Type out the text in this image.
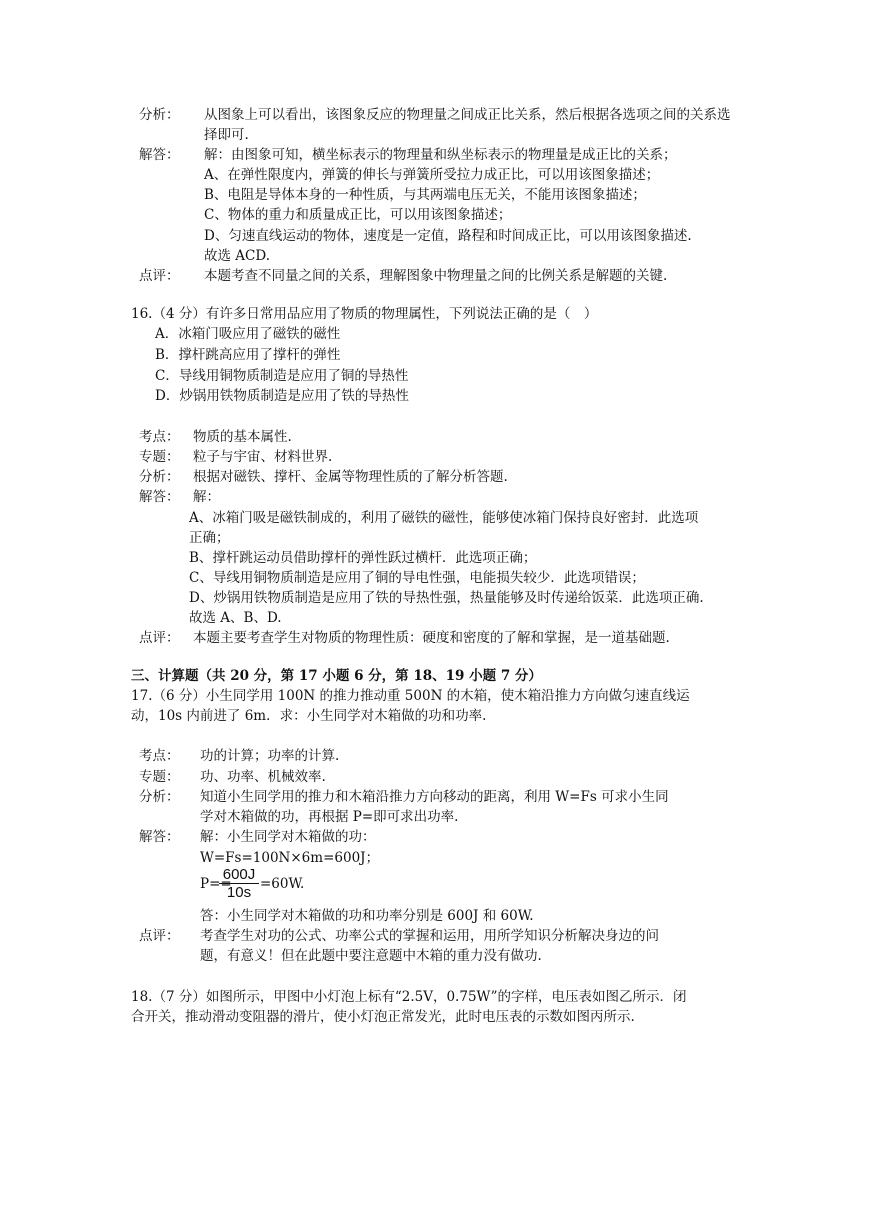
分析： 从图象上可以看出，该图象反应的物理量之间成正比关系，然后根据各选项之间的关系选
择即可.
解答： 解：由图象可知，横坐标表示的物理量和纵坐标表示的物理量是成正比的关系；
A、在弹性限度内，弹簧的伸长与弹簧所受拉力成正比，可以用该图象描述；
B、电阻是导体本身的一种性质，与其两端电压无关，不能用该图象描述；
C、物体的重力和质量成正比，可以用该图象描述；
D、匀速直线运动的物体，速度是一定值，路程和时间成正比，可以用该图象描述.
故选 ACD.
点评： 本题考查不同量之间的关系，理解图象中物理量之间的比例关系是解题的关键.
16.（4 分）有许多日常用品应用了物质的物理属性，下列说法正确的是（　）
A．冰箱门吸应用了磁铁的磁性
B．撑杆跳高应用了撑杆的弹性
C．导线用铜物质制造是应用了铜的导热性
D．炒锅用铁物质制造是应用了铁的导热性
考点： 物质的基本属性.
专题： 粒子与宇宙、材料世界.
分析： 根据对磁铁、撑杆、金属等物理性质的了解分析答题.
解答： 解：
A、冰箱门吸是磁铁制成的，利用了磁铁的磁性，能够使冰箱门保持良好密封．此选项
正确；
B、撑杆跳运动员借助撑杆的弹性跃过横杆．此选项正确；
C、导线用铜物质制造是应用了铜的导电性强，电能损失较少．此选项错误；
D、炒锅用铁物质制造是应用了铁的导热性强，热量能够及时传递给饭菜．此选项正确.
故选 A、B、D.
点评： 本题主要考查学生对物质的物理性质：硬度和密度的了解和掌握，是一道基础题.
三、计算题（共 20 分，第 17 小题 6 分，第 18、19 小题 7 分）
17.（6 分）小生同学用 100N 的推力推动重 500N 的木箱，使木箱沿推力方向做匀速直线运
动，10s 内前进了 6m．求：小生同学对木箱做的功和功率.
考点： 功的计算；功率的计算.
专题： 功、功率、机械效率.
分析： 知道小生同学用的推力和木箱沿推力方向移动的距离，利用 W=Fs 可求小生同
学对木箱做的功，再根据 P=即可求出功率.
解答： 解：小生同学对木箱做的功：
W=Fs=100N×6m=600J；
P==
$\frac{600J}{10s} =60W$.
答：小生同学对木箱做的功和功率分别是 600J 和 60W.
点评： 考查学生对功的公式、功率公式的掌握和运用，用所学知识分析解决身边的问
题，有意义！但在此题中要注意题中木箱的重力没有做功.
18.（7 分）如图所示，甲图中小灯泡上标有“2.5V，0.75W”的字样，电压表如图乙所示．闭
合开关，推动滑动变阻器的滑片，使小灯泡正常发光，此时电压表的示数如图丙所示.
